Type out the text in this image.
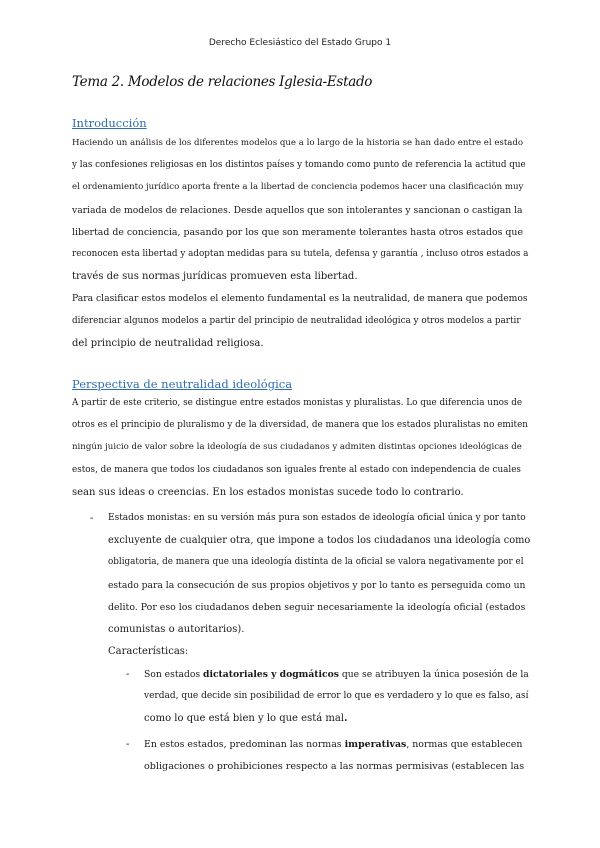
Derecho Eclesiástico del Estado Grupo 1
Tema 2. Modelos de relaciones Iglesia-Estado
Introducción
Haciendo un análisis de los diferentes modelos que a lo largo de la historia se han dado entre el estado
y las confesiones religiosas en los distintos países y tomando como punto de referencia la actitud que
el ordenamiento jurídico aporta frente a la libertad de conciencia podemos hacer una clasificación muy
variada de modelos de relaciones. Desde aquellos que son intolerantes y sancionan o castigan la
libertad de conciencia, pasando por los que son meramente tolerantes hasta otros estados que
reconocen esta libertad y adoptan medidas para su tutela, defensa y garantía , incluso otros estados a
través de sus normas jurídicas promueven esta libertad.
Para clasificar estos modelos el elemento fundamental es la neutralidad, de manera que podemos
diferenciar algunos modelos a partir del principio de neutralidad ideológica y otros modelos a partir
del principio de neutralidad religiosa.
Perspectiva de neutralidad ideológica
A partir de este criterio, se distingue entre estados monistas y pluralistas. Lo que diferencia unos de
otros es el principio de pluralismo y de la diversidad, de manera que los estados pluralistas no emiten
ningún juicio de valor sobre la ideología de sus ciudadanos y admiten distintas opciones ideológicas de
estos, de manera que todos los ciudadanos son iguales frente al estado con independencia de cuales
sean sus ideas o creencias. En los estados monistas sucede todo lo contrario.
- Estados monistas: en su versión más pura son estados de ideología oficial única y por tanto
excluyente de cualquier otra, que impone a todos los ciudadanos una ideología como
obligatoria, de manera que una ideología distinta de la oficial se valora negativamente por el
estado para la consecución de sus propios objetivos y por lo tanto es perseguida como un
delito. Por eso los ciudadanos deben seguir necesariamente la ideología oficial (estados
comunistas o autoritarios).
Características:
- Son estados dictatoriales y dogmáticos que se atribuyen la única posesión de la
verdad, que decide sin posibilidad de error lo que es verdadero y lo que es falso, así
como lo que está bien y lo que está mal.
- En estos estados, predominan las normas imperativas, normas que establecen
obligaciones o prohibiciones respecto a las normas permisivas (establecen las
